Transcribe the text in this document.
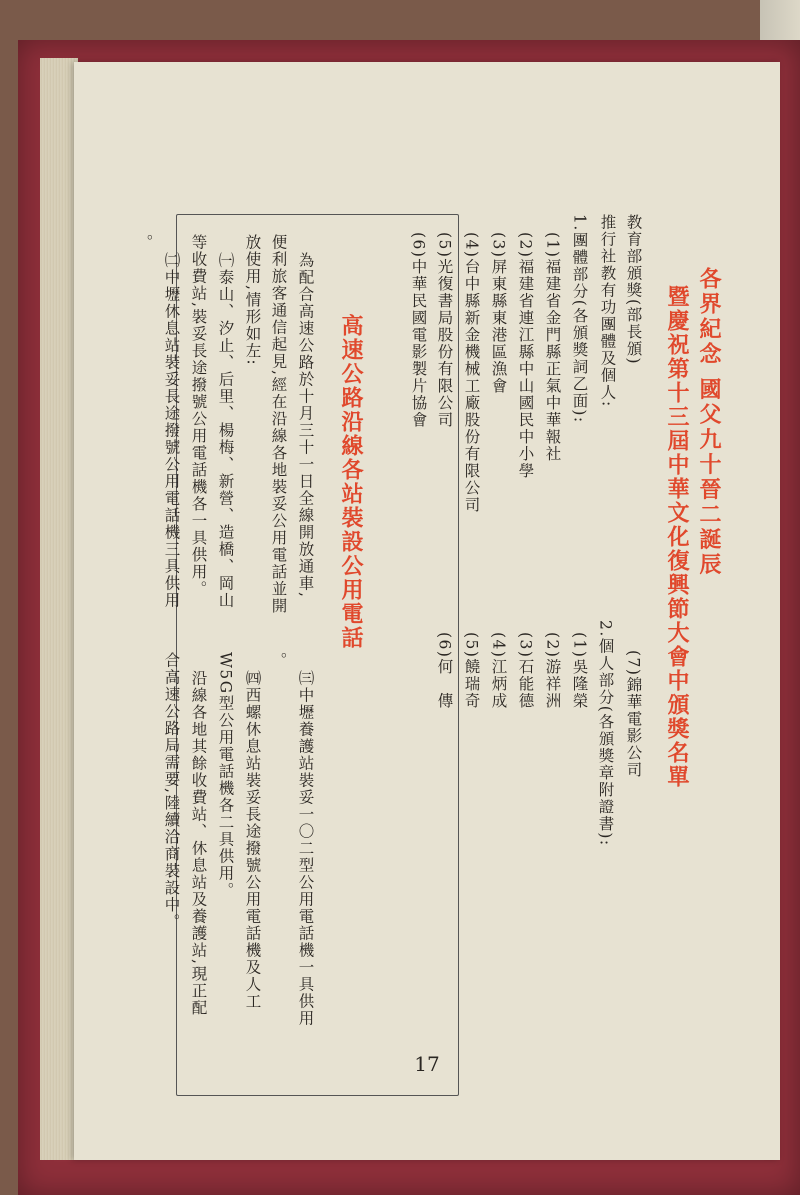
各界紀念 國父九十晉二誕辰
暨慶祝第十三屆中華文化復興節大會中頒獎名單
教育部頒獎(部長頒)
推行社教有功團體及個人:
1.團體部分(各頒獎詞乙面):
(1)福建省金門縣正氣中華報社
(2)福建省連江縣中山國民中小學
(3)屏東縣東港區漁會
(4)台中縣新金機械工廠股份有限公司
(5)光復書局股份有限公司
(6)中華民國電影製片協會
(7)錦華電影公司
2.個人部分(各頒獎章附證書):
(1)吳隆榮
(2)游祥洲
(3)石能德
(4)江炳成
(5)饒瑞奇
(6)何　傳
高速公路沿線各站裝設公用電話
為配合高速公路於十月三十一日全線開放通車,
便利旅客通信起見,經在沿線各地裝妥公用電話並開
放使用,情形如左:
㈠泰山、汐止、后里、楊梅、新營、造橋、岡山
等收費站,裝妥長途撥號公用電話機各一具供用。
㈡中壢休息站裝妥長途撥號公用電話機三具供用
。
㈢中壢養護站裝妥一〇二型公用電話機一具供用
。
㈣西螺休息站裝妥長途撥號公用電話機及人工
W5G型公用電話機各二具供用。
沿線各地其餘收費站、休息站及養護站,現正配
合高速公路局需要,陸續洽商裝設中。
17
